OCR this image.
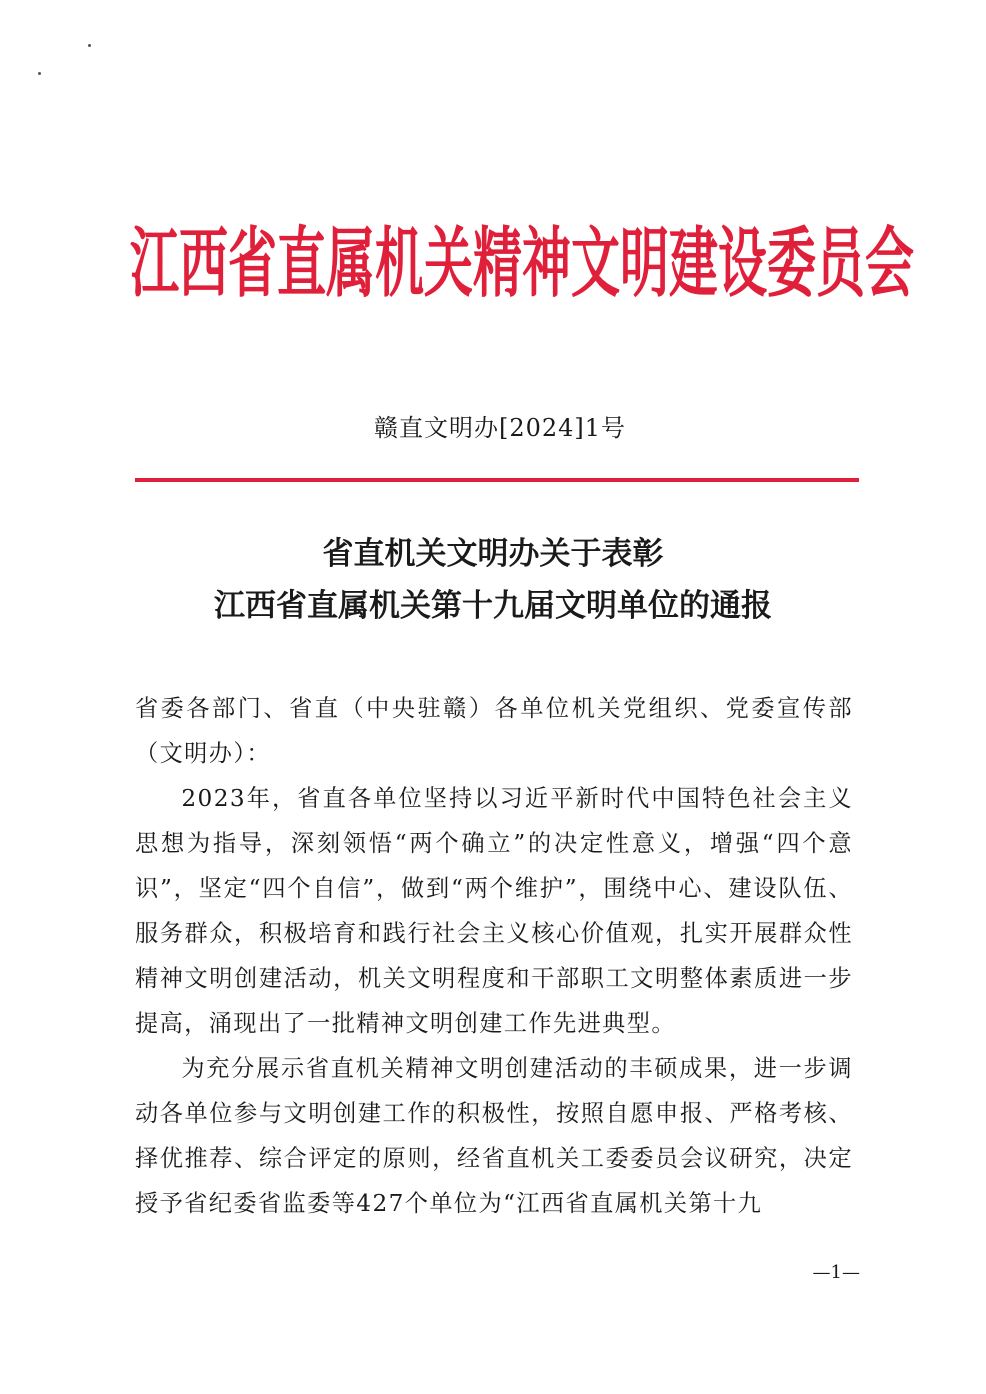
江西省直属机关精神文明建设委员会
赣直文明办[2024]1号
省直机关文明办关于表彰
江西省直属机关第十九届文明单位的通报

省委各部门、省直（中央驻赣）各单位机关党组织、党委宣传部（文明办）：

2023年，省直各单位坚持以习近平新时代中国特色社会主义思想为指导，深刻领悟“两个确立”的决定性意义，增强“四个意识”，坚定“四个自信”，做到“两个维护”，围绕中心、建设队伍、服务群众，积极培育和践行社会主义核心价值观，扎实开展群众性精神文明创建活动，机关文明程度和干部职工文明整体素质进一步提高，涌现出了一批精神文明创建工作先进典型。

为充分展示省直机关精神文明创建活动的丰硕成果，进一步调动各单位参与文明创建工作的积极性，按照自愿申报、严格考核、择优推荐、综合评定的原则，经省直机关工委委员会议研究，决定授予省纪委省监委等427个单位为“江西省直属机关第十九

—1—
